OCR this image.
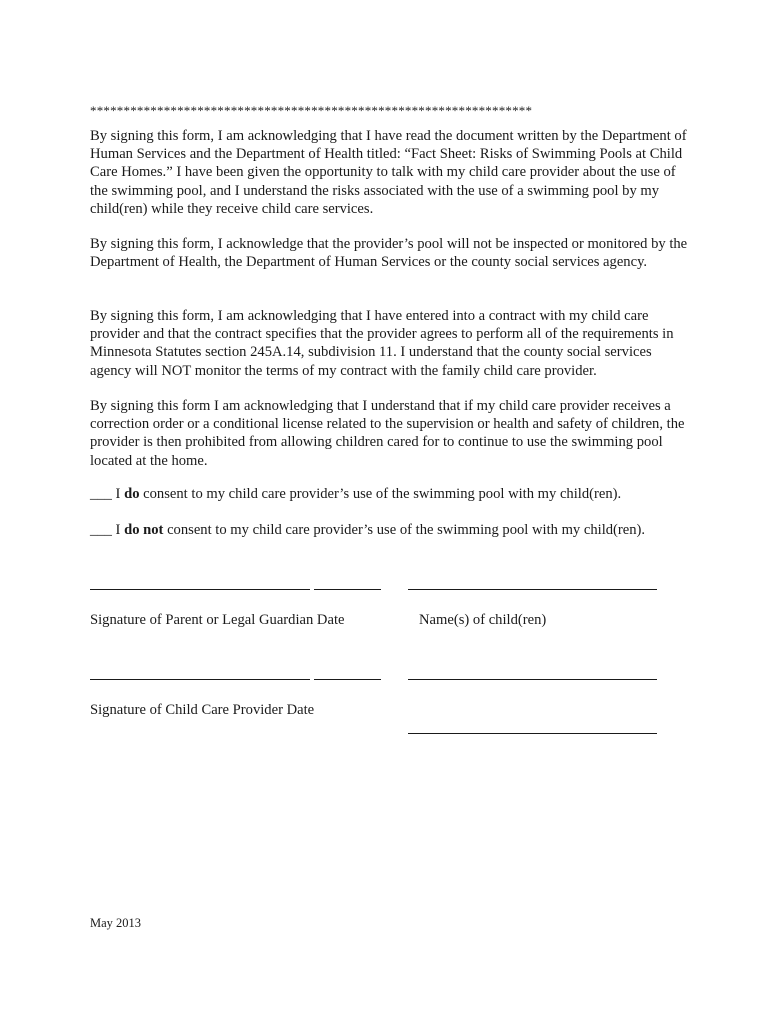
******************************************************************

By signing this form, I am acknowledging that I have read the document written by the Department of Human Services and the Department of Health titled: “Fact Sheet: Risks of Swimming Pools at Child Care Homes.” I have been given the opportunity to talk with my child care provider about the use of the swimming pool, and I understand the risks associated with the use of a swimming pool by my child(ren) while they receive child care services.

By signing this form, I acknowledge that the provider’s pool will not be inspected or monitored by the Department of Health, the Department of Human Services or the county social services agency.

By signing this form, I am acknowledging that I have entered into a contract with my child care provider and that the contract specifies that the provider agrees to perform all of the requirements in Minnesota Statutes section 245A.14, subdivision 11. I understand that the county social services agency will NOT monitor the terms of my contract with the family child care provider.

By signing this form I am acknowledging that I understand that if my child care provider receives a correction order or a conditional license related to the supervision or health and safety of children, the provider is then prohibited from allowing children cared for to continue to use the swimming pool located at the home.

___ I do consent to my child care provider’s use of the swimming pool with my child(ren).
___ I do not consent to my child care provider’s use of the swimming pool with my child(ren).
Signature of Parent or Legal Guardian Date	Name(s) of child(ren)
Signature of Child Care Provider Date
May 2013
